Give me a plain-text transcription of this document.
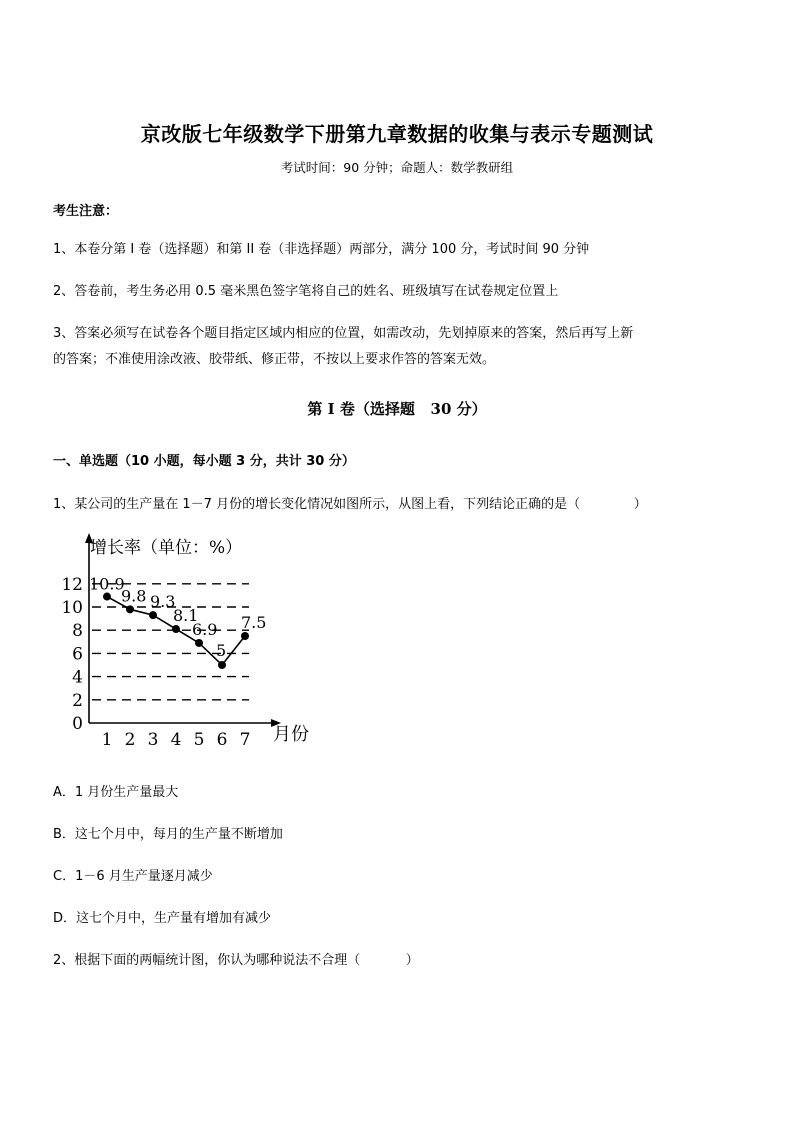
京改版七年级数学下册第九章数据的收集与表示专题测试
考试时间：90 分钟；命题人：数学教研组
考生注意：
1、本卷分第 I 卷（选择题）和第 II 卷（非选择题）两部分，满分 100 分，考试时间 90 分钟
2、答卷前，考生务必用 0.5 毫米黑色签字笔将自己的姓名、班级填写在试卷规定位置上
3、答案必须写在试卷各个题目指定区域内相应的位置，如需改动，先划掉原来的答案，然后再写上新
的答案；不准使用涂改液、胶带纸、修正带，不按以上要求作答的答案无效。
第 I 卷（选择题   30 分）
一、单选题（10 小题，每小题 3 分，共计 30 分）
1、某公司的生产量在 1－7 月份的增长变化情况如图所示，从图上看，下列结论正确的是（             ）
0
2
4
6
8
10
12
1 2 3 4 5 6 7
10.9
9.8 9.3
8.1
6.9
5
7.5
增长率（单位：%）
月份
A．1 月份生产量最大
B．这七个月中，每月的生产量不断增加
C．1－6 月生产量逐月减少
D．这七个月中，生产量有增加有减少
2、根据下面的两幅统计图，你认为哪种说法不合理（           ）
